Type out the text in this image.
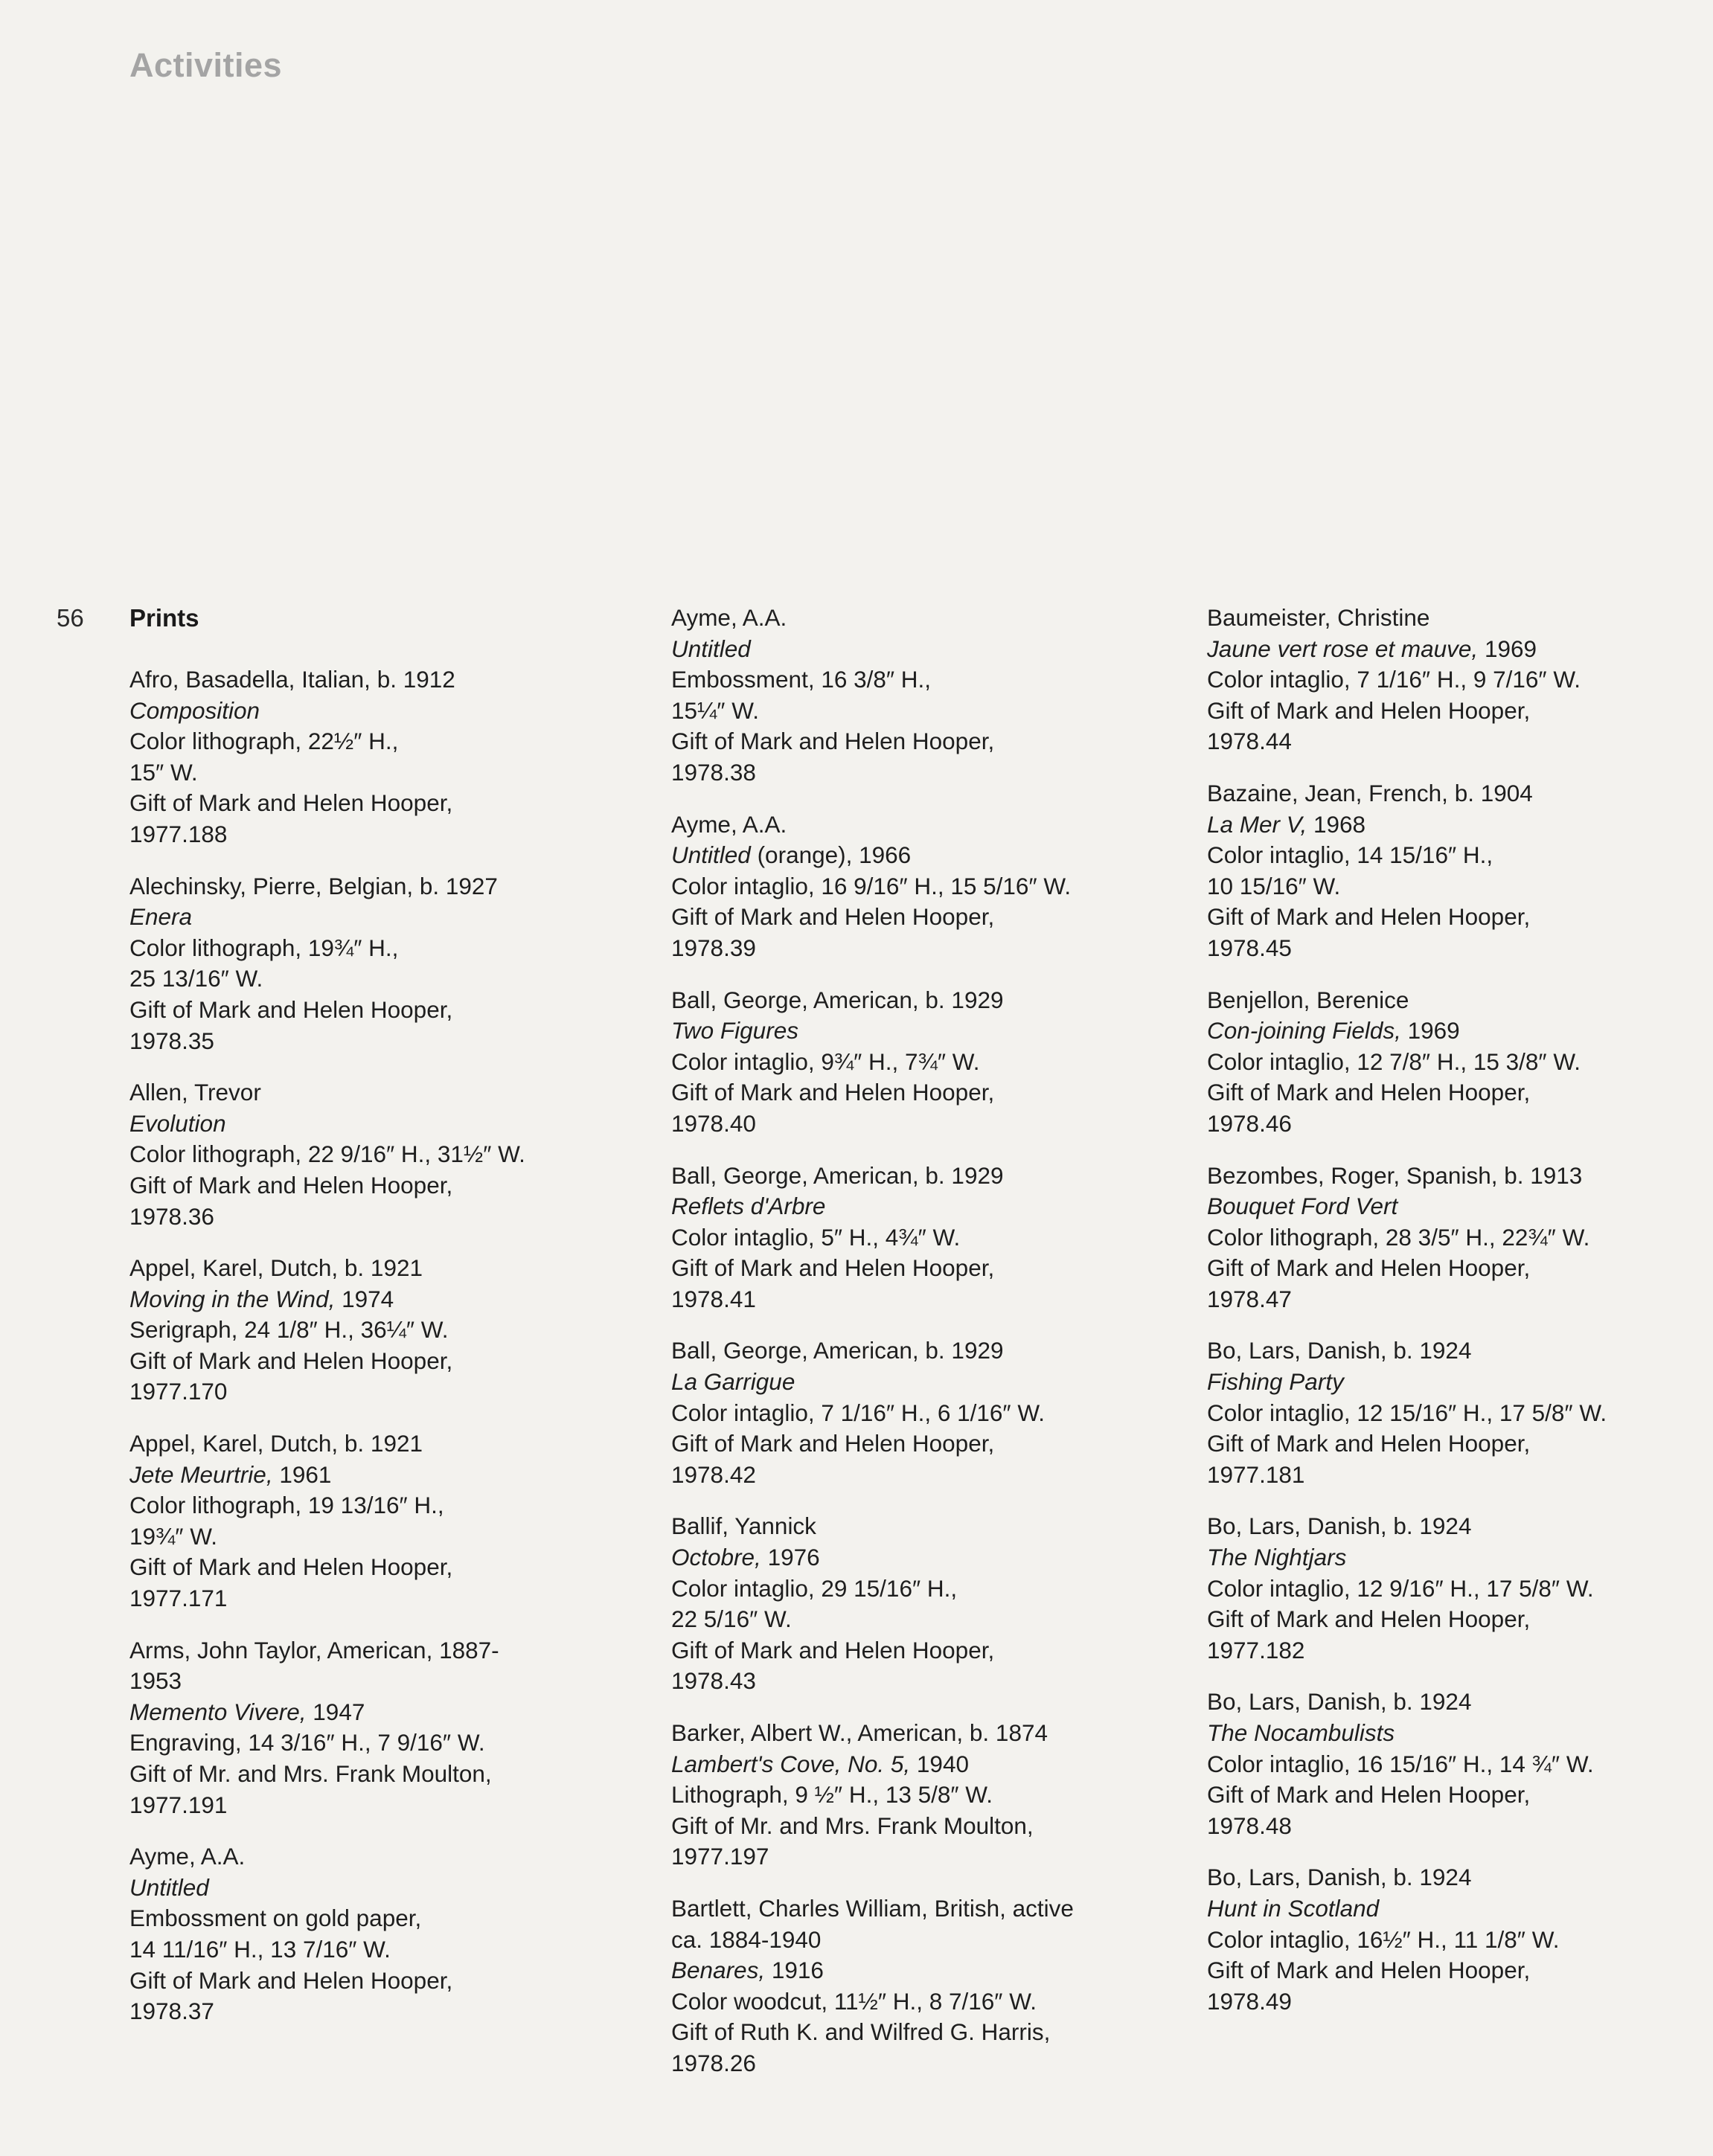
Activities
56 Prints
Afro, Basadella, Italian, b. 1912
Composition
Color lithograph, 22½″ H.,
15″ W.
Gift of Mark and Helen Hooper,
1977.188
Alechinsky, Pierre, Belgian, b. 1927
Enera
Color lithograph, 19¾″ H.,
25 13/16″ W.
Gift of Mark and Helen Hooper,
1978.35
Allen, Trevor
Evolution
Color lithograph, 22 9/16″ H., 31½″ W.
Gift of Mark and Helen Hooper,
1978.36
Appel, Karel, Dutch, b. 1921
Moving in the Wind, 1974
Serigraph, 24 1/8″ H., 36¼″ W.
Gift of Mark and Helen Hooper,
1977.170
Appel, Karel, Dutch, b. 1921
Jete Meurtrie, 1961
Color lithograph, 19 13/16″ H.,
19¾″ W.
Gift of Mark and Helen Hooper,
1977.171
Arms, John Taylor, American, 1887-
1953
Memento Vivere, 1947
Engraving, 14 3/16″ H., 7 9/16″ W.
Gift of Mr. and Mrs. Frank Moulton,
1977.191
Ayme, A.A.
Untitled
Embossment on gold paper,
14 11/16″ H., 13 7/16″ W.
Gift of Mark and Helen Hooper,
1978.37
Ayme, A.A.
Untitled
Embossment, 16 3/8″ H.,
15¼″ W.
Gift of Mark and Helen Hooper,
1978.38
Ayme, A.A.
Untitled (orange), 1966
Color intaglio, 16 9/16″ H., 15 5/16″ W.
Gift of Mark and Helen Hooper,
1978.39
Ball, George, American, b. 1929
Two Figures
Color intaglio, 9¾″ H., 7¾″ W.
Gift of Mark and Helen Hooper,
1978.40
Ball, George, American, b. 1929
Reflets d'Arbre
Color intaglio, 5″ H., 4¾″ W.
Gift of Mark and Helen Hooper,
1978.41
Ball, George, American, b. 1929
La Garrigue
Color intaglio, 7 1/16″ H., 6 1/16″ W.
Gift of Mark and Helen Hooper,
1978.42
Ballif, Yannick
Octobre, 1976
Color intaglio, 29 15/16″ H.,
22 5/16″ W.
Gift of Mark and Helen Hooper,
1978.43
Barker, Albert W., American, b. 1874
Lambert's Cove, No. 5, 1940
Lithograph, 9 ½″ H., 13 5/8″ W.
Gift of Mr. and Mrs. Frank Moulton,
1977.197
Bartlett, Charles William, British, active
ca. 1884-1940
Benares, 1916
Color woodcut, 11½″ H., 8 7/16″ W.
Gift of Ruth K. and Wilfred G. Harris,
1978.26
Baumeister, Christine
Jaune vert rose et mauve, 1969
Color intaglio, 7 1/16″ H., 9 7/16″ W.
Gift of Mark and Helen Hooper,
1978.44
Bazaine, Jean, French, b. 1904
La Mer V, 1968
Color intaglio, 14 15/16″ H.,
10 15/16″ W.
Gift of Mark and Helen Hooper,
1978.45
Benjellon, Berenice
Con-joining Fields, 1969
Color intaglio, 12 7/8″ H., 15 3/8″ W.
Gift of Mark and Helen Hooper,
1978.46
Bezombes, Roger, Spanish, b. 1913
Bouquet Ford Vert
Color lithograph, 28 3/5″ H., 22¾″ W.
Gift of Mark and Helen Hooper,
1978.47
Bo, Lars, Danish, b. 1924
Fishing Party
Color intaglio, 12 15/16″ H., 17 5/8″ W.
Gift of Mark and Helen Hooper,
1977.181
Bo, Lars, Danish, b. 1924
The Nightjars
Color intaglio, 12 9/16″ H., 17 5/8″ W.
Gift of Mark and Helen Hooper,
1977.182
Bo, Lars, Danish, b. 1924
The Nocambulists
Color intaglio, 16 15/16″ H., 14 ¾″ W.
Gift of Mark and Helen Hooper,
1978.48
Bo, Lars, Danish, b. 1924
Hunt in Scotland
Color intaglio, 16½″ H., 11 1/8″ W.
Gift of Mark and Helen Hooper,
1978.49
